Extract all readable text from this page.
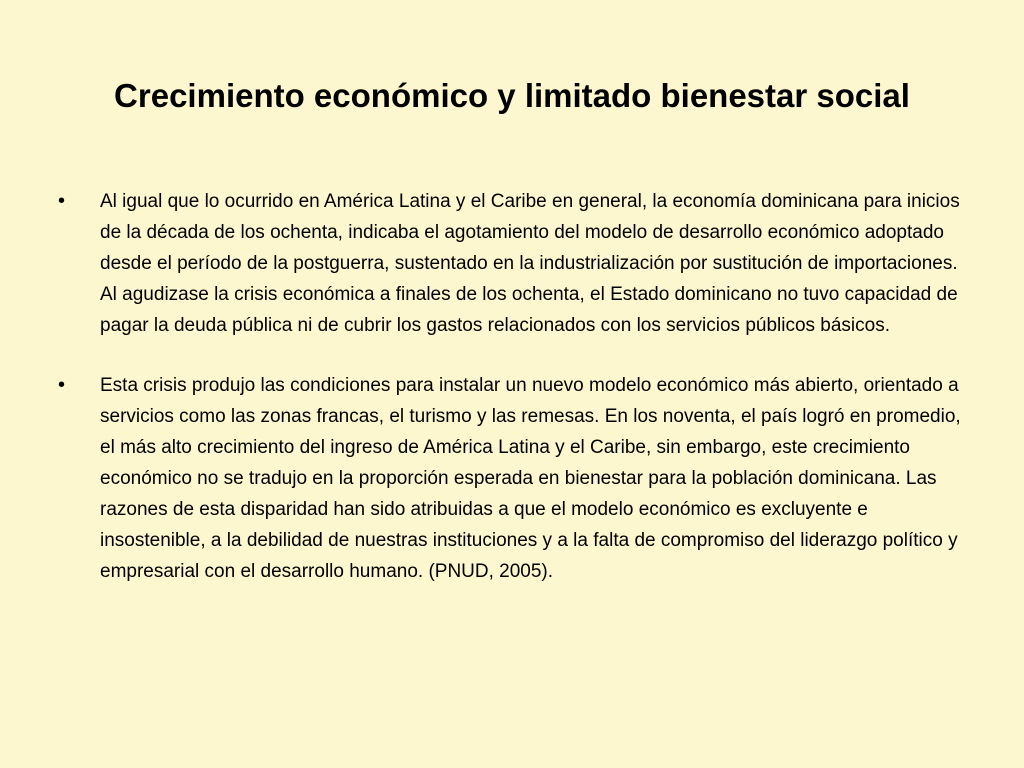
Crecimiento económico y limitado bienestar social
•	Al igual que lo ocurrido en América Latina y el Caribe en general, la economía dominicana para inicios de la década de los ochenta, indicaba el agotamiento del modelo de desarrollo económico adoptado desde el período de la postguerra, sustentado en la industrialización por sustitución de importaciones. Al agudizase la crisis económica a finales de los ochenta, el Estado dominicano no tuvo capacidad de pagar la deuda pública ni de cubrir los gastos relacionados con los servicios públicos básicos.

•	Esta crisis produjo las condiciones para instalar un nuevo modelo económico más abierto, orientado a servicios como las zonas francas, el turismo y las remesas. En los noventa, el país logró en promedio, el más alto crecimiento del ingreso de América Latina y el Caribe, sin embargo, este crecimiento económico no se tradujo en la proporción esperada en bienestar para la población dominicana. Las razones de esta disparidad han sido atribuidas a que el modelo económico es excluyente e insostenible, a la debilidad de nuestras instituciones y a la falta de compromiso del liderazgo político y empresarial con el desarrollo humano. (PNUD, 2005).
